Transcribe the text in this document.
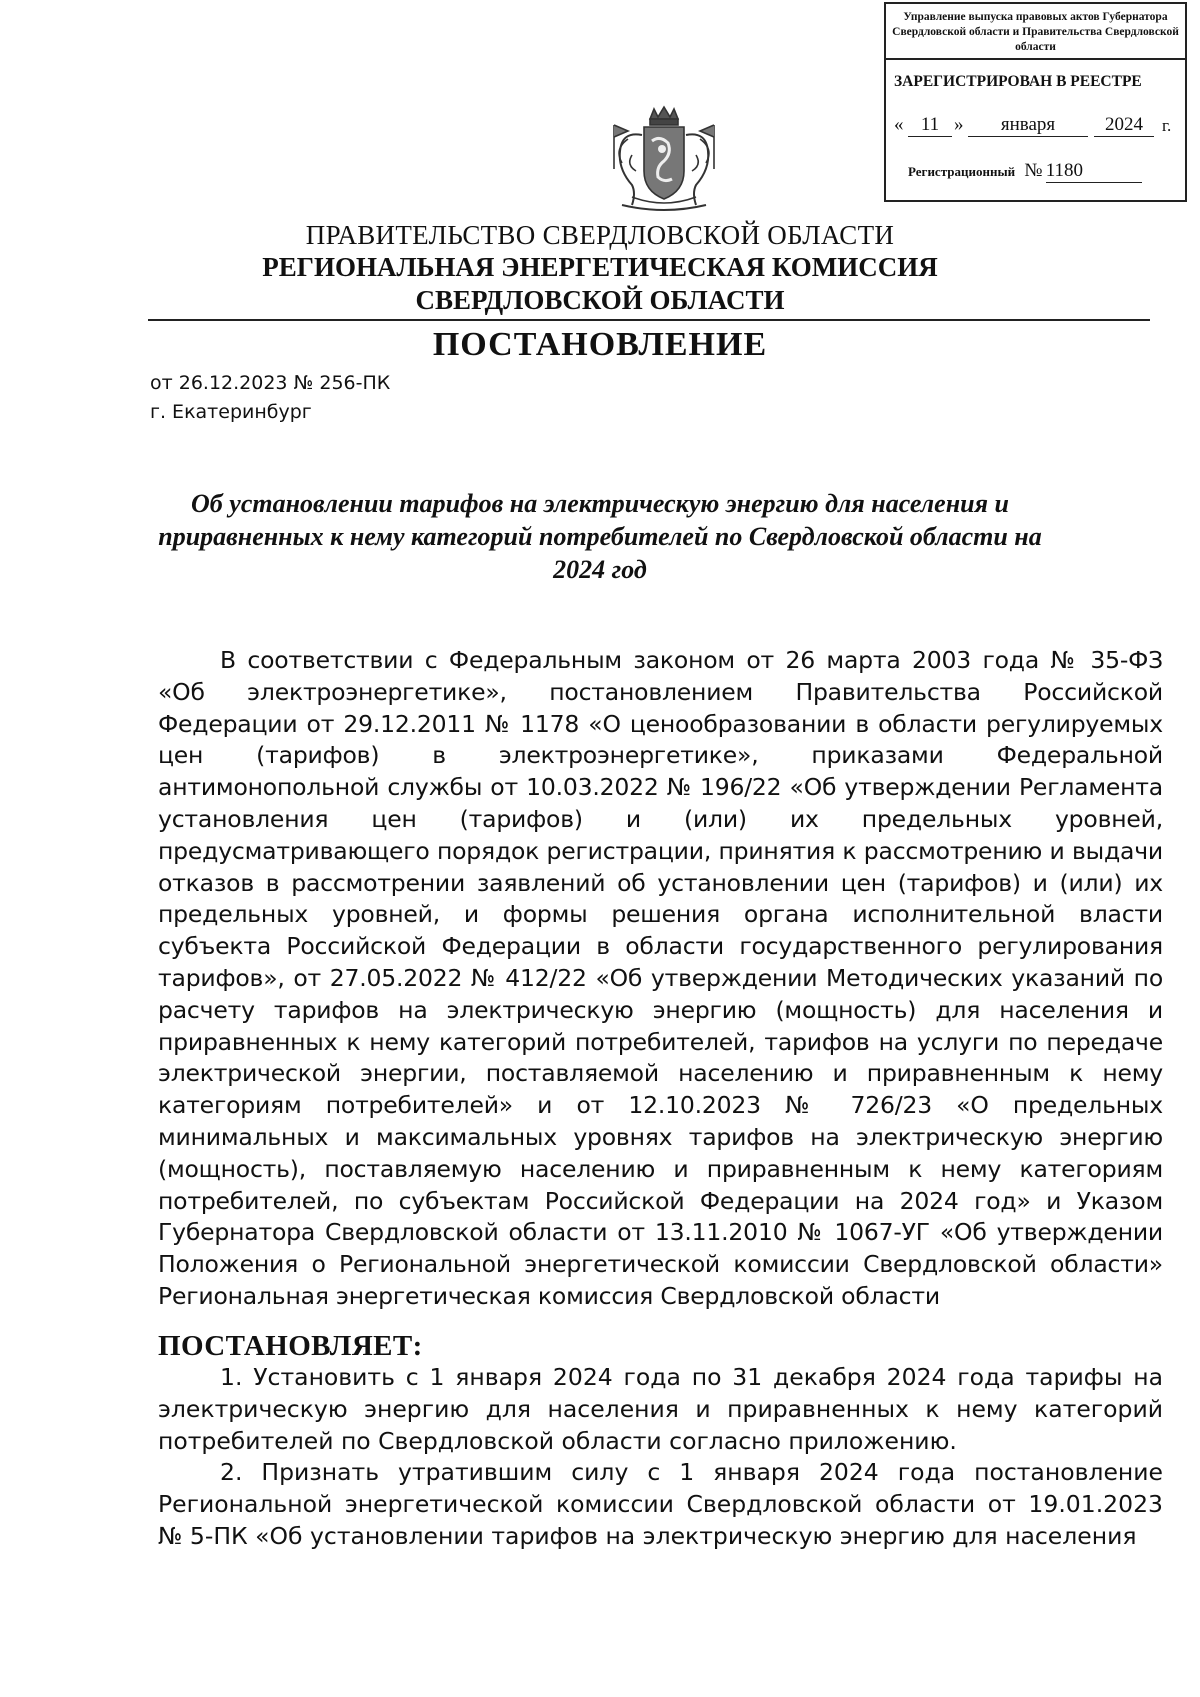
Управление выпуска правовых актов Губернатора Свердловской области и Правительства Свердловской области
ЗАРЕГИСТРИРОВАН В РЕЕСТРЕ
« 11 »	января	2024	г.
Регистрационный № 1180
ПРАВИТЕЛЬСТВО СВЕРДЛОВСКОЙ ОБЛАСТИ
РЕГИОНАЛЬНАЯ ЭНЕРГЕТИЧЕСКАЯ КОМИССИЯ
СВЕРДЛОВСКОЙ ОБЛАСТИ
ПОСТАНОВЛЕНИЕ
от 26.12.2023 № 256-ПК
г. Екатеринбург
Об установлении тарифов на электрическую энергию для населения и приравненных к нему категорий потребителей по Свердловской области на 2024 год
В соответствии с Федеральным законом от 26 марта 2003 года № 35-ФЗ «Об электроэнергетике», постановлением Правительства Российской Федерации от 29.12.2011 № 1178 «О ценообразовании в области регулируемых цен (тарифов) в электроэнергетике», приказами Федеральной антимонопольной службы от 10.03.2022 № 196/22 «Об утверждении Регламента установления цен (тарифов) и (или) их предельных уровней, предусматривающего порядок регистрации, принятия к рассмотрению и выдачи отказов в рассмотрении заявлений об установлении цен (тарифов) и (или) их предельных уровней, и формы решения органа исполнительной власти субъекта Российской Федерации в области государственного регулирования тарифов», от 27.05.2022 № 412/22 «Об утверждении Методических указаний по расчету тарифов на электрическую энергию (мощность) для населения и приравненных к нему категорий потребителей, тарифов на услуги по передаче электрической энергии, поставляемой населению и приравненным к нему категориям потребителей» и от 12.10.2023 № 726/23 «О предельных минимальных и максимальных уровнях тарифов на электрическую энергию (мощность), поставляемую населению и приравненным к нему категориям потребителей, по субъектам Российской Федерации на 2024 год» и Указом Губернатора Свердловской области от 13.11.2010 № 1067-УГ «Об утверждении Положения о Региональной энергетической комиссии Свердловской области» Региональная энергетическая комиссия Свердловской области
ПОСТАНОВЛЯЕТ:
1. Установить с 1 января 2024 года по 31 декабря 2024 года тарифы на электрическую энергию для населения и приравненных к нему категорий потребителей по Свердловской области согласно приложению.
2. Признать утратившим силу с 1 января 2024 года постановление Региональной энергетической комиссии Свердловской области от 19.01.2023 № 5-ПК «Об установлении тарифов на электрическую энергию для населения
